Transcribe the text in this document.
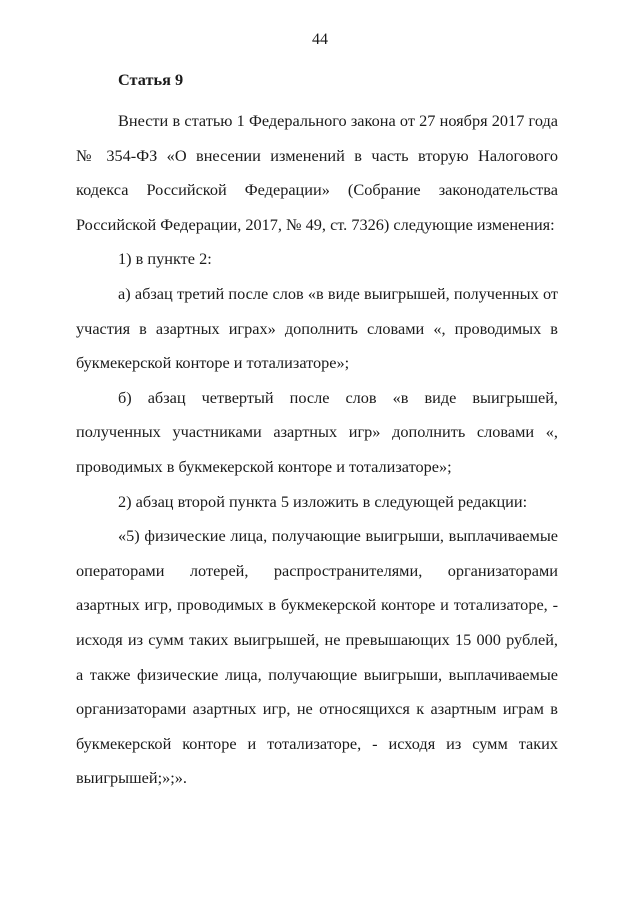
44

Статья 9

Внести в статью 1 Федерального закона от 27 ноября 2017 года № 354-ФЗ «О внесении изменений в часть вторую Налогового кодекса Российской Федерации» (Собрание законодательства Российской Федерации, 2017, № 49, ст. 7326) следующие изменения:

1) в пункте 2:

а) абзац третий после слов «в виде выигрышей, полученных от участия в азартных играх» дополнить словами «, проводимых в букмекерской конторе и тотализаторе»;

б) абзац четвертый после слов «в виде выигрышей, полученных участниками азартных игр» дополнить словами «, проводимых в букмекерской конторе и тотализаторе»;

2) абзац второй пункта 5 изложить в следующей редакции:

«5) физические лица, получающие выигрыши, выплачиваемые операторами лотерей, распространителями, организаторами азартных игр, проводимых в букмекерской конторе и тотализаторе, - исходя из сумм таких выигрышей, не превышающих 15 000 рублей, а также физические лица, получающие выигрыши, выплачиваемые организаторами азартных игр, не относящихся к азартным играм в букмекерской конторе и тотализаторе, - исходя из сумм таких выигрышей;»;».
